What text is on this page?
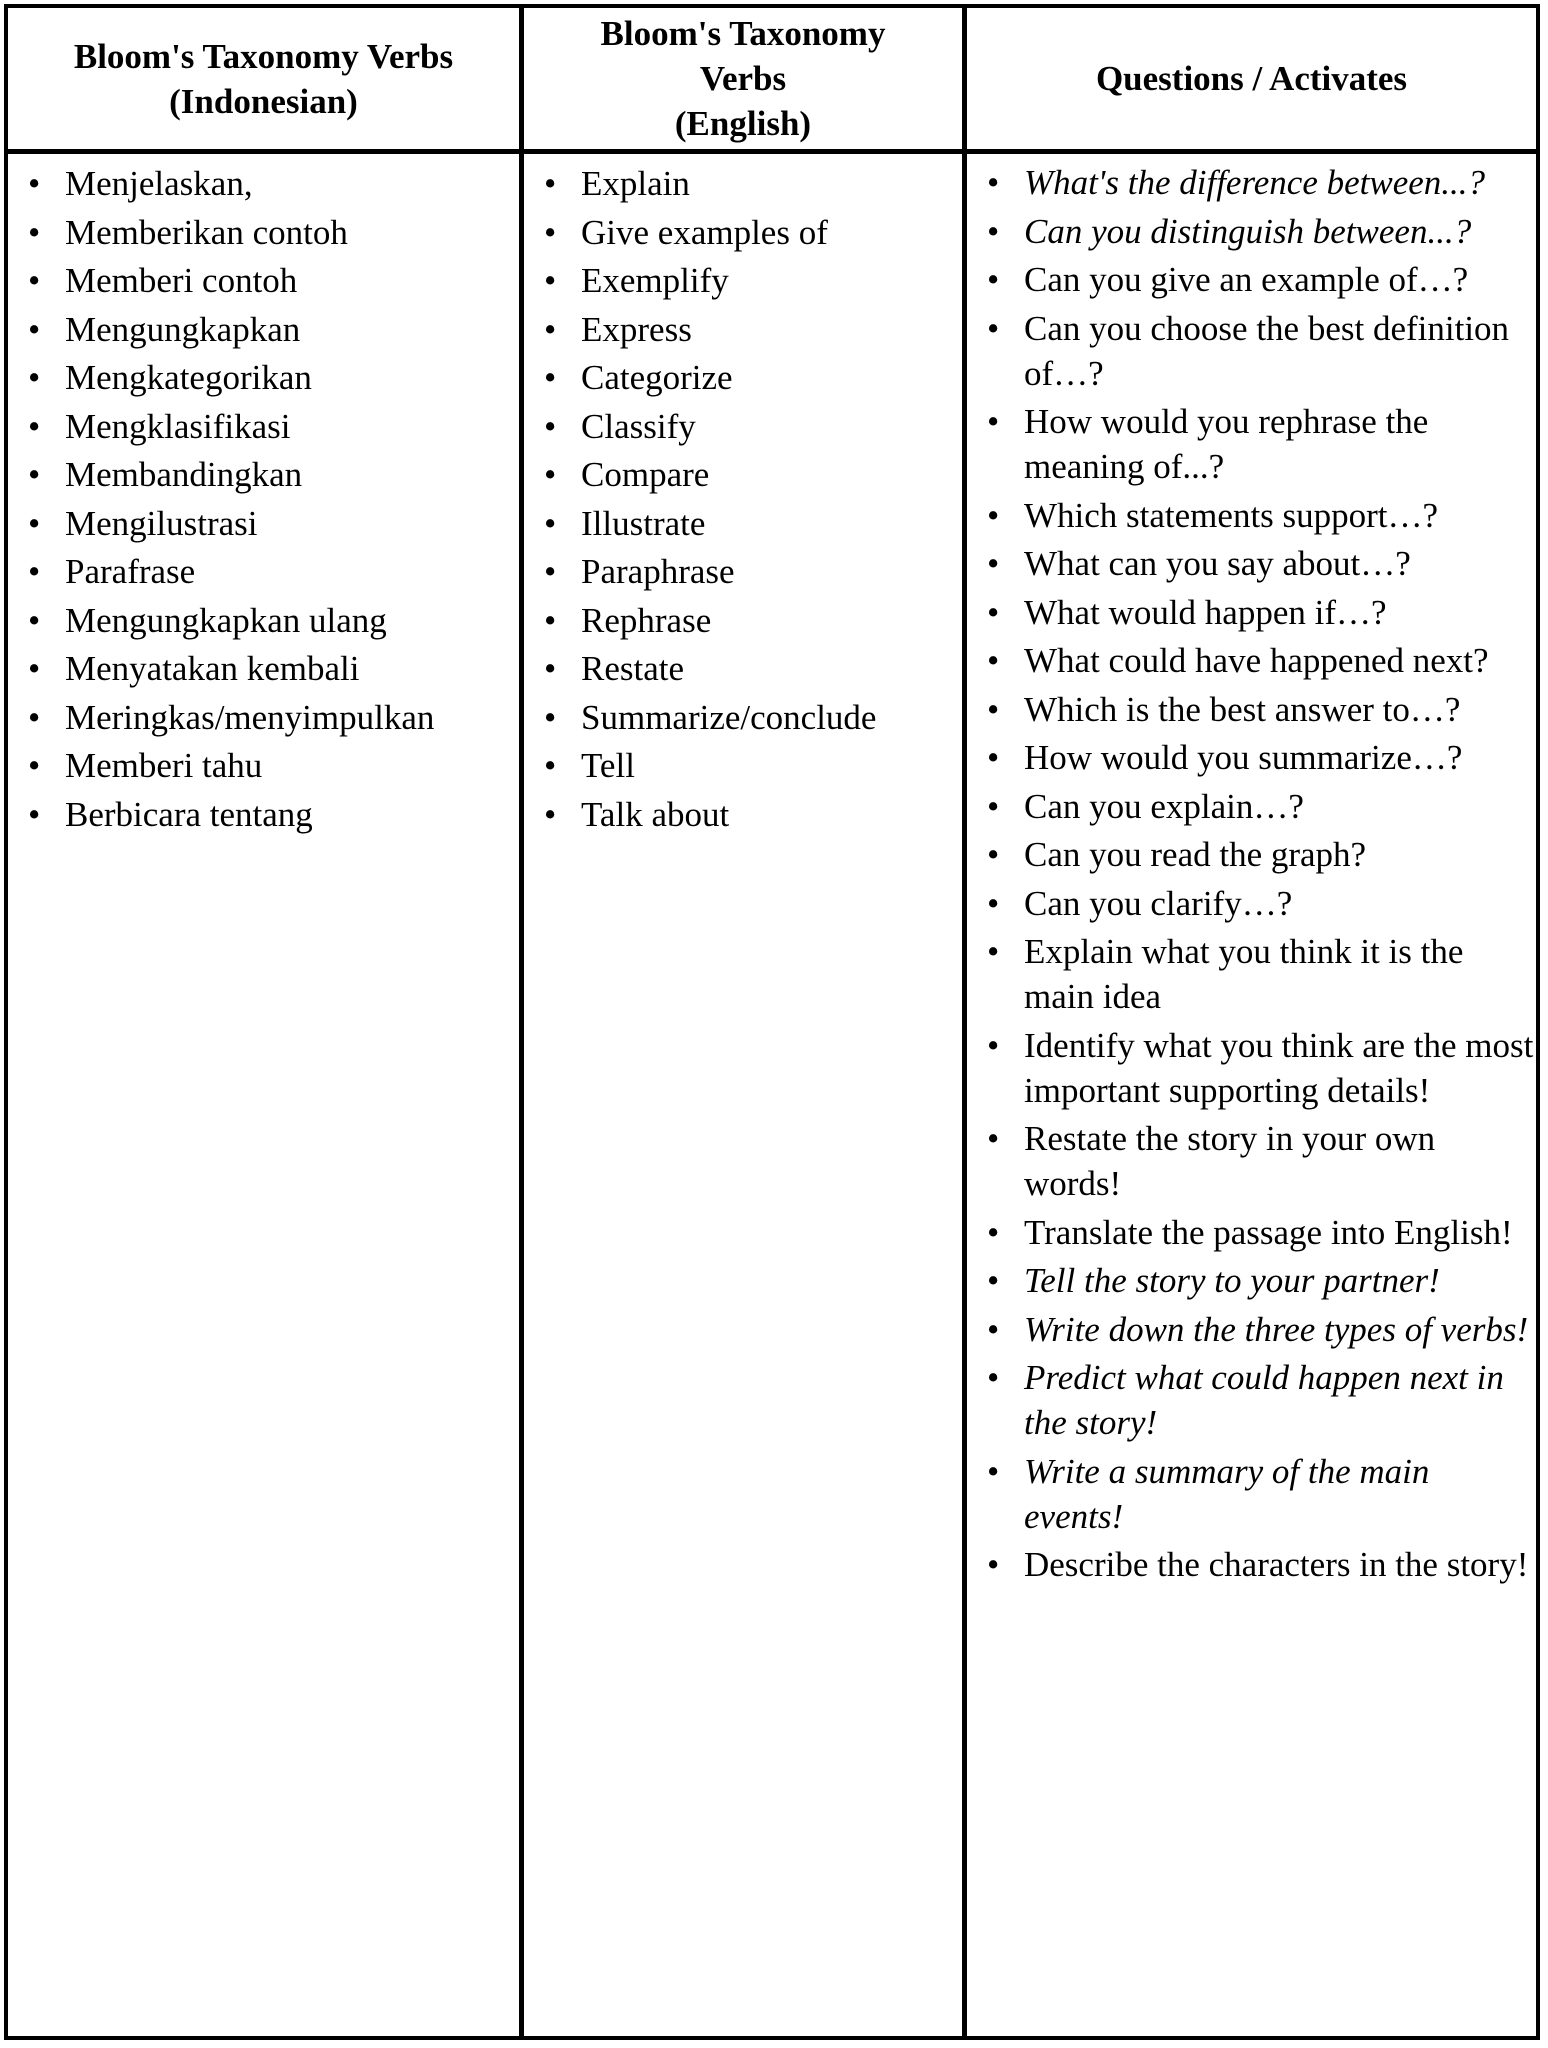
Bloom's Taxonomy Verbs
(Indonesian)
Bloom's Taxonomy
Verbs
(English)
Questions / Activates
• Menjelaskan,
• Memberikan contoh
• Memberi contoh
• Mengungkapkan
• Mengkategorikan
• Mengklasifikasi
• Membandingkan
• Mengilustrasi
• Parafrase
• Mengungkapkan ulang
• Menyatakan kembali
• Meringkas/menyimpulkan
• Memberi tahu
• Berbicara tentang
• Explain
• Give examples of
• Exemplify
• Express
• Categorize
• Classify
• Compare
• Illustrate
• Paraphrase
• Rephrase
• Restate
• Summarize/conclude
• Tell
• Talk about
• What's the difference between...?
• Can you distinguish between...?
• Can you give an example of…?
• Can you choose the best definition of…?
• How would you rephrase the meaning of...?
• Which statements support…?
• What can you say about…?
• What would happen if…?
• What could have happened next?
• Which is the best answer to…?
• How would you summarize…?
• Can you explain…?
• Can you read the graph?
• Can you clarify…?
• Explain what you think it is the main idea
• Identify what you think are the most important supporting details!
• Restate the story in your own words!
• Translate the passage into English!
• Tell the story to your partner!
• Write down the three types of verbs!
• Predict what could happen next in the story!
• Write a summary of the main events!
• Describe the characters in the story!
